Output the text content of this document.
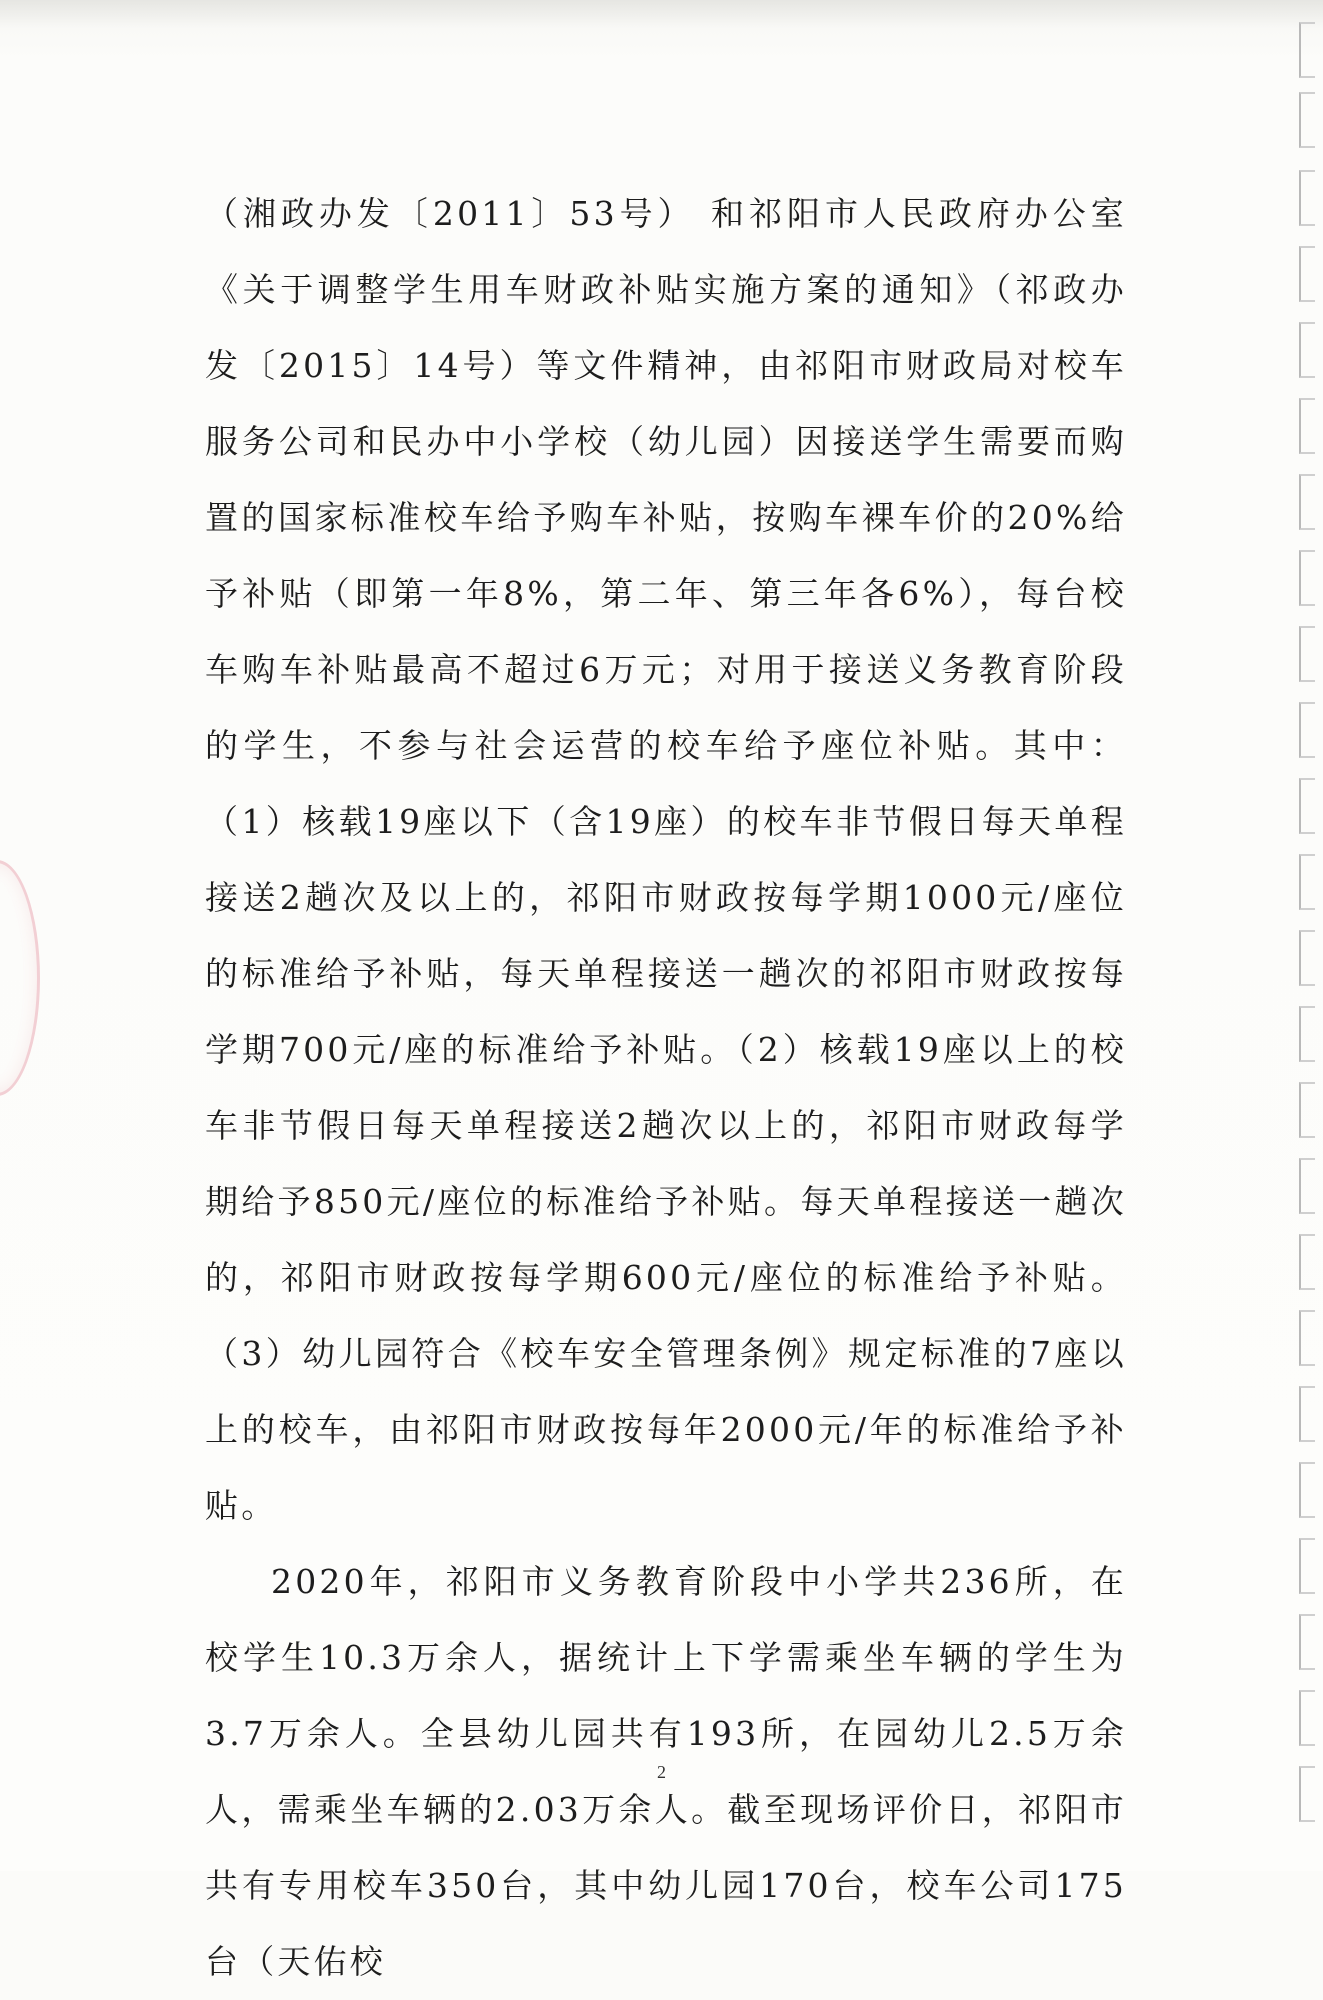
（湘政办发〔2011〕53号） 和祁阳市人民政府办公室《关于调整学生用车财政补贴实施方案的通知》（祁政办发〔2015〕14号）等文件精神，由祁阳市财政局对校车服务公司和民办中小学校（幼儿园）因接送学生需要而购置的国家标准校车给予购车补贴，按购车裸车价的20%给予补贴（即第一年8%，第二年、第三年各6%），每台校车购车补贴最高不超过6万元；对用于接送义务教育阶段的学生，不参与社会运营的校车给予座位补贴。其中：（1）核载19座以下（含19座）的校车非节假日每天单程接送2趟次及以上的，祁阳市财政按每学期1000元/座位的标准给予补贴，每天单程接送一趟次的祁阳市财政按每学期700元/座的标准给予补贴。（2）核载19座以上的校车非节假日每天单程接送2趟次以上的，祁阳市财政每学期给予850元/座位的标准给予补贴。每天单程接送一趟次的，祁阳市财政按每学期600元/座位的标准给予补贴。（3）幼儿园符合《校车安全管理条例》规定标准的7座以上的校车，由祁阳市财政按每年2000元/年的标准给予补贴。

2020年，祁阳市义务教育阶段中小学共236所，在校学生10.3万余人，据统计上下学需乘坐车辆的学生为3.7万余人。全县幼儿园共有193所，在园幼儿2.5万余人，需乘坐车辆的2.03万余人。截至现场评价日，祁阳市共有专用校车350台，其中幼儿园170台，校车公司175台（天佑校

2
